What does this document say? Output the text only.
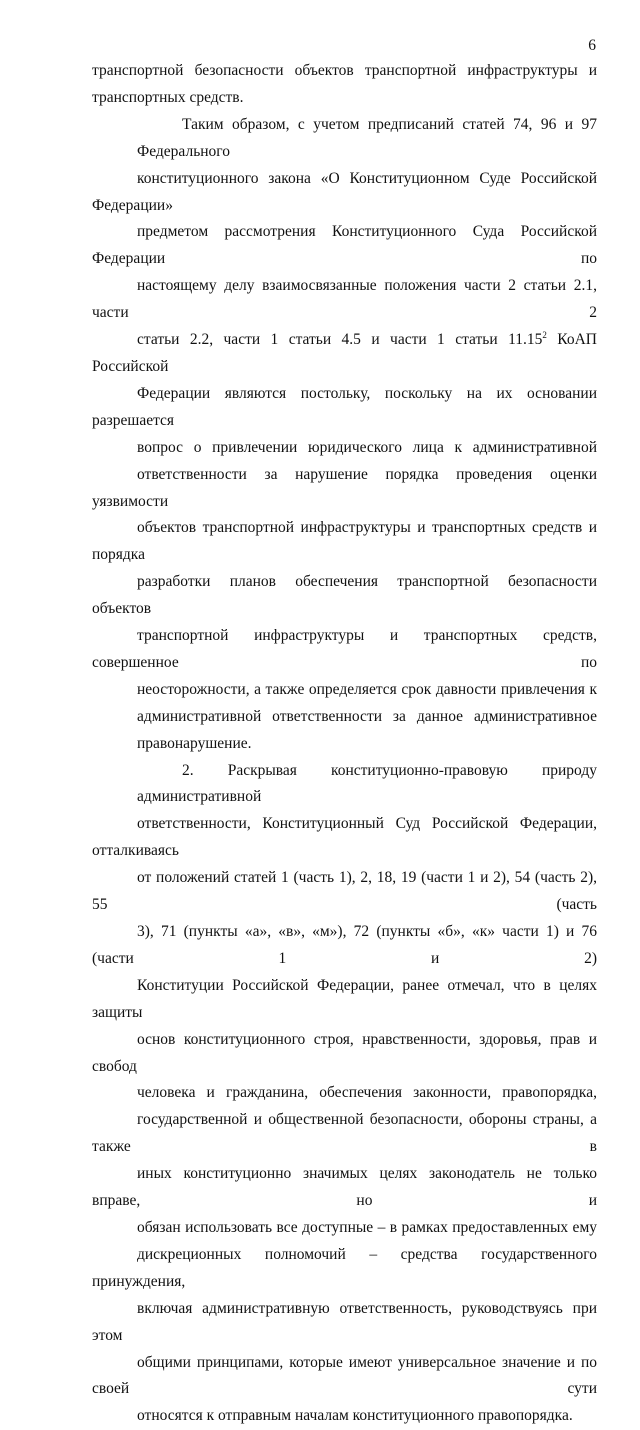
6
транспортной безопасности объектов транспортной инфраструктуры и
транспортных средств.
Таким образом, с учетом предписаний статей 74, 96 и 97 Федерального
конституционного закона «О Конституционном Суде Российской Федерации»
предметом рассмотрения Конституционного Суда Российской Федерации по
настоящему делу взаимосвязанные положения части 2 статьи 2.1, части 2
статьи 2.2, части 1 статьи 4.5 и части 1 статьи 11.15$^2$ КоАП Российской
Федерации являются постольку, поскольку на их основании разрешается
вопрос о привлечении юридического лица к административной
ответственности за нарушение порядка проведения оценки уязвимости
объектов транспортной инфраструктуры и транспортных средств и порядка
разработки планов обеспечения транспортной безопасности объектов
транспортной инфраструктуры и транспортных средств, совершенное по
неосторожности, а также определяется срок давности привлечения к
административной ответственности за данное административное
правонарушение.
2. Раскрывая конституционно-правовую природу административной
ответственности, Конституционный Суд Российской Федерации, отталкиваясь
от положений статей 1 (часть 1), 2, 18, 19 (части 1 и 2), 54 (часть 2), 55 (часть
3), 71 (пункты «а», «в», «м»), 72 (пункты «б», «к» части 1) и 76 (части 1 и 2)
Конституции Российской Федерации, ранее отмечал, что в целях защиты
основ конституционного строя, нравственности, здоровья, прав и свобод
человека и гражданина, обеспечения законности, правопорядка,
государственной и общественной безопасности, обороны страны, а также в
иных конституционно значимых целях законодатель не только вправе, но и
обязан использовать все доступные – в рамках предоставленных ему
дискреционных полномочий – средства государственного принуждения,
включая административную ответственность, руководствуясь при этом
общими принципами, которые имеют универсальное значение и по своей сути
относятся к отправным началам конституционного правопорядка.
